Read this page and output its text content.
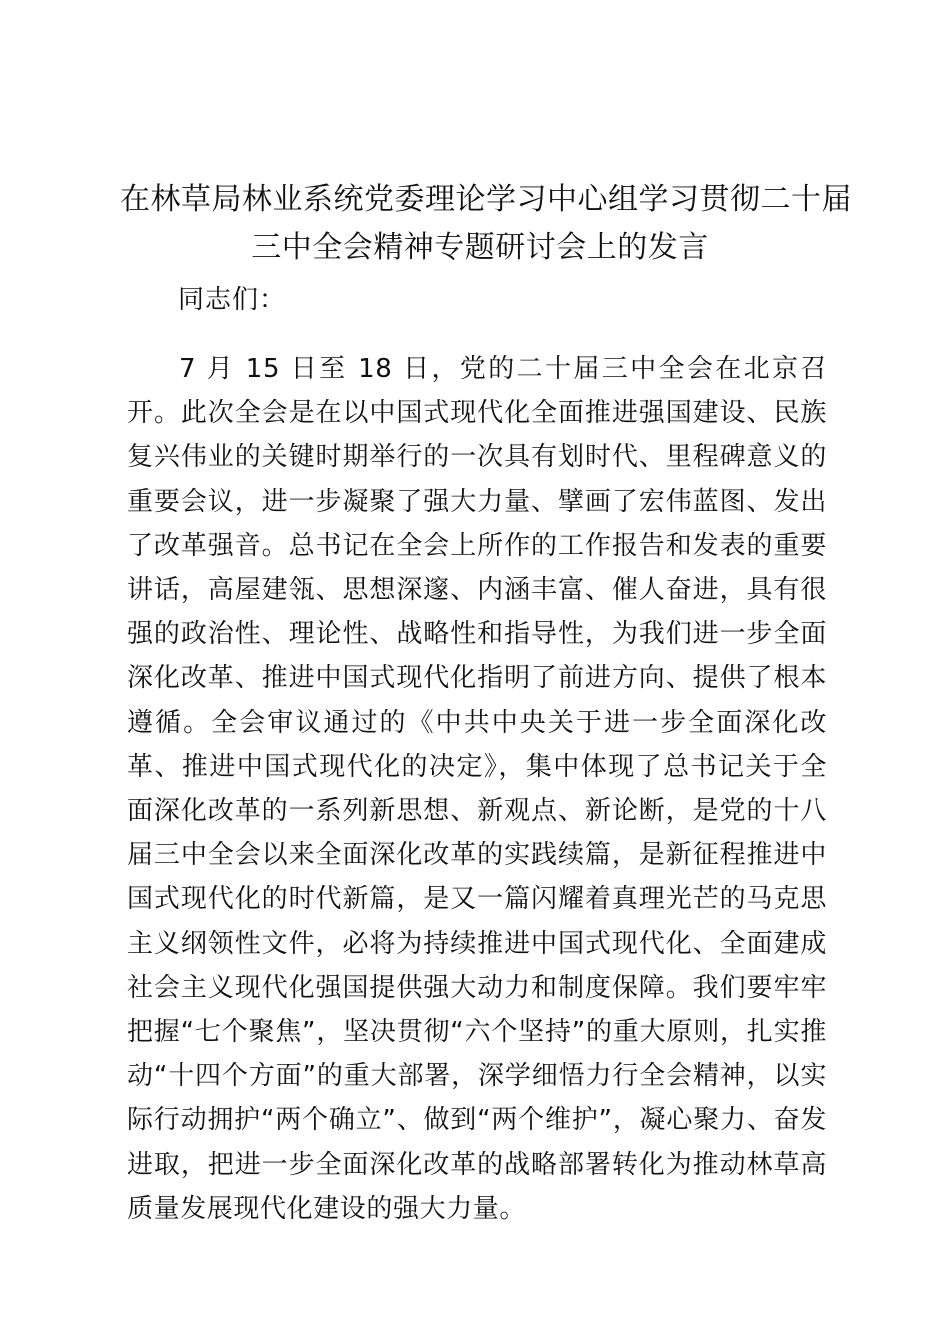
在林草局林业系统党委理论学习中心组学习贯彻二十届
三中全会精神专题研讨会上的发言
同志们：

7 月 15 日至 18 日，党的二十届三中全会在北京召开。此次全会是在以中国式现代化全面推进强国建设、民族复兴伟业的关键时期举行的一次具有划时代、里程碑意义的重要会议，进一步凝聚了强大力量、擘画了宏伟蓝图、发出了改革强音。总书记在全会上所作的工作报告和发表的重要讲话，高屋建瓴、思想深邃、内涵丰富、催人奋进，具有很强的政治性、理论性、战略性和指导性，为我们进一步全面深化改革、推进中国式现代化指明了前进方向、提供了根本遵循。全会审议通过的《中共中央关于进一步全面深化改革、推进中国式现代化的决定》，集中体现了总书记关于全面深化改革的一系列新思想、新观点、新论断，是党的十八届三中全会以来全面深化改革的实践续篇，是新征程推进中国式现代化的时代新篇，是又一篇闪耀着真理光芒的马克思主义纲领性文件，必将为持续推进中国式现代化、全面建成社会主义现代化强国提供强大动力和制度保障。我们要牢牢把握“七个聚焦”，坚决贯彻“六个坚持”的重大原则，扎实推动“十四个方面”的重大部署，深学细悟力行全会精神，以实际行动拥护“两个确立”、做到“两个维护”，凝心聚力、奋发进取，把进一步全面深化改革的战略部署转化为推动林草高质量发展现代化建设的强大力量。
